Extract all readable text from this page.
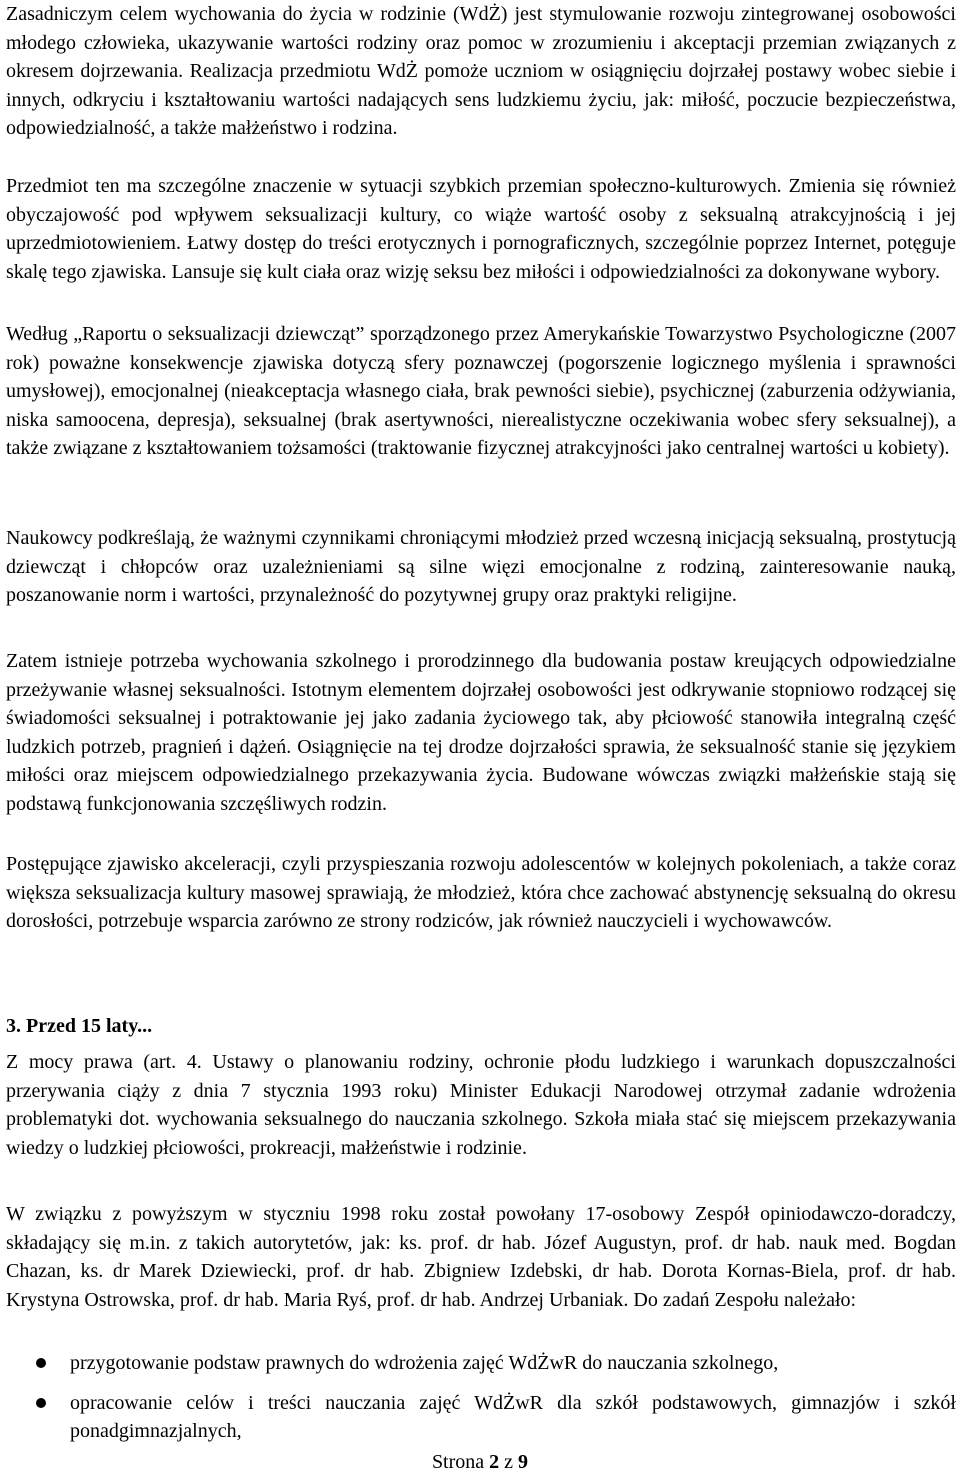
Zasadniczym celem wychowania do życia w rodzinie (WdŻ) jest stymulowanie rozwoju zintegrowanej osobowości młodego człowieka, ukazywanie wartości rodziny oraz pomoc w zrozumieniu i akceptacji przemian związanych z okresem dojrzewania. Realizacja przedmiotu WdŻ pomoże uczniom w osiągnięciu dojrzałej postawy wobec siebie i innych, odkryciu i kształtowaniu wartości nadających sens ludzkiemu życiu, jak: miłość, poczucie bezpieczeństwa, odpowiedzialność, a także małżeństwo i rodzina.

Przedmiot ten ma szczególne znaczenie w sytuacji szybkich przemian społeczno-kulturowych. Zmienia się również obyczajowość pod wpływem seksualizacji kultury, co wiąże wartość osoby z seksualną atrakcyjnością i jej uprzedmiotowieniem. Łatwy dostęp do treści erotycznych i pornograficznych, szczególnie poprzez Internet, potęguje skalę tego zjawiska. Lansuje się kult ciała oraz wizję seksu bez miłości i odpowiedzialności za dokonywane wybory.

Według „Raportu o seksualizacji dziewcząt” sporządzonego przez Amerykańskie Towarzystwo Psychologiczne (2007 rok) poważne konsekwencje zjawiska dotyczą sfery poznawczej (pogorszenie logicznego myślenia i sprawności umysłowej), emocjonalnej (nieakceptacja własnego ciała, brak pewności siebie), psychicznej (zaburzenia odżywiania, niska samoocena, depresja), seksualnej (brak asertywności, nierealistyczne oczekiwania wobec sfery seksualnej), a także związane z kształtowaniem tożsamości (traktowanie fizycznej atrakcyjności jako centralnej wartości u kobiety).

Naukowcy podkreślają, że ważnymi czynnikami chroniącymi młodzież przed wczesną inicjacją seksualną, prostytucją dziewcząt i chłopców oraz uzależnieniami są silne więzi emocjonalne z rodziną, zainteresowanie nauką, poszanowanie norm i wartości, przynależność do pozytywnej grupy oraz praktyki religijne.

Zatem istnieje potrzeba wychowania szkolnego i prorodzinnego dla budowania postaw kreujących odpowiedzialne przeżywanie własnej seksualności. Istotnym elementem dojrzałej osobowości jest odkrywanie stopniowo rodzącej się świadomości seksualnej i potraktowanie jej jako zadania życiowego tak, aby płciowość stanowiła integralną część ludzkich potrzeb, pragnień i dążeń. Osiągnięcie na tej drodze dojrzałości sprawia, że seksualność stanie się językiem miłości oraz miejscem odpowiedzialnego przekazywania życia. Budowane wówczas związki małżeńskie stają się podstawą funkcjonowania szczęśliwych rodzin.

Postępujące zjawisko akceleracji, czyli przyspieszania rozwoju adolescentów w kolejnych pokoleniach, a także coraz większa seksualizacja kultury masowej sprawiają, że młodzież, która chce zachować abstynencję seksualną do okresu dorosłości, potrzebuje wsparcia zarówno ze strony rodziców, jak również nauczycieli i wychowawców.

3. Przed 15 laty...

Z mocy prawa (art. 4. Ustawy o planowaniu rodziny, ochronie płodu ludzkiego i warunkach dopuszczalności przerywania ciąży z dnia 7 stycznia 1993 roku) Minister Edukacji Narodowej otrzymał zadanie wdrożenia problematyki dot. wychowania seksualnego do nauczania szkolnego. Szkoła miała stać się miejscem przekazywania wiedzy o ludzkiej płciowości, prokreacji, małżeństwie i rodzinie.

W związku z powyższym w styczniu 1998 roku został powołany 17-osobowy Zespół opiniodawczo-doradczy, składający się m.in. z takich autorytetów, jak: ks. prof. dr hab. Józef Augustyn, prof. dr hab. nauk med. Bogdan Chazan, ks. dr Marek Dziewiecki, prof. dr hab. Zbigniew Izdebski, dr hab. Dorota Kornas-Biela, prof. dr hab. Krystyna Ostrowska, prof. dr hab. Maria Ryś, prof. dr hab. Andrzej Urbaniak. Do zadań Zespołu należało:

przygotowanie podstaw prawnych do wdrożenia zajęć WdŻwR do nauczania szkolnego,
opracowanie celów i treści nauczania zajęć WdŻwR dla szkół podstawowych, gimnazjów i szkół ponadgimnazjalnych,
Strona 2 z 9
